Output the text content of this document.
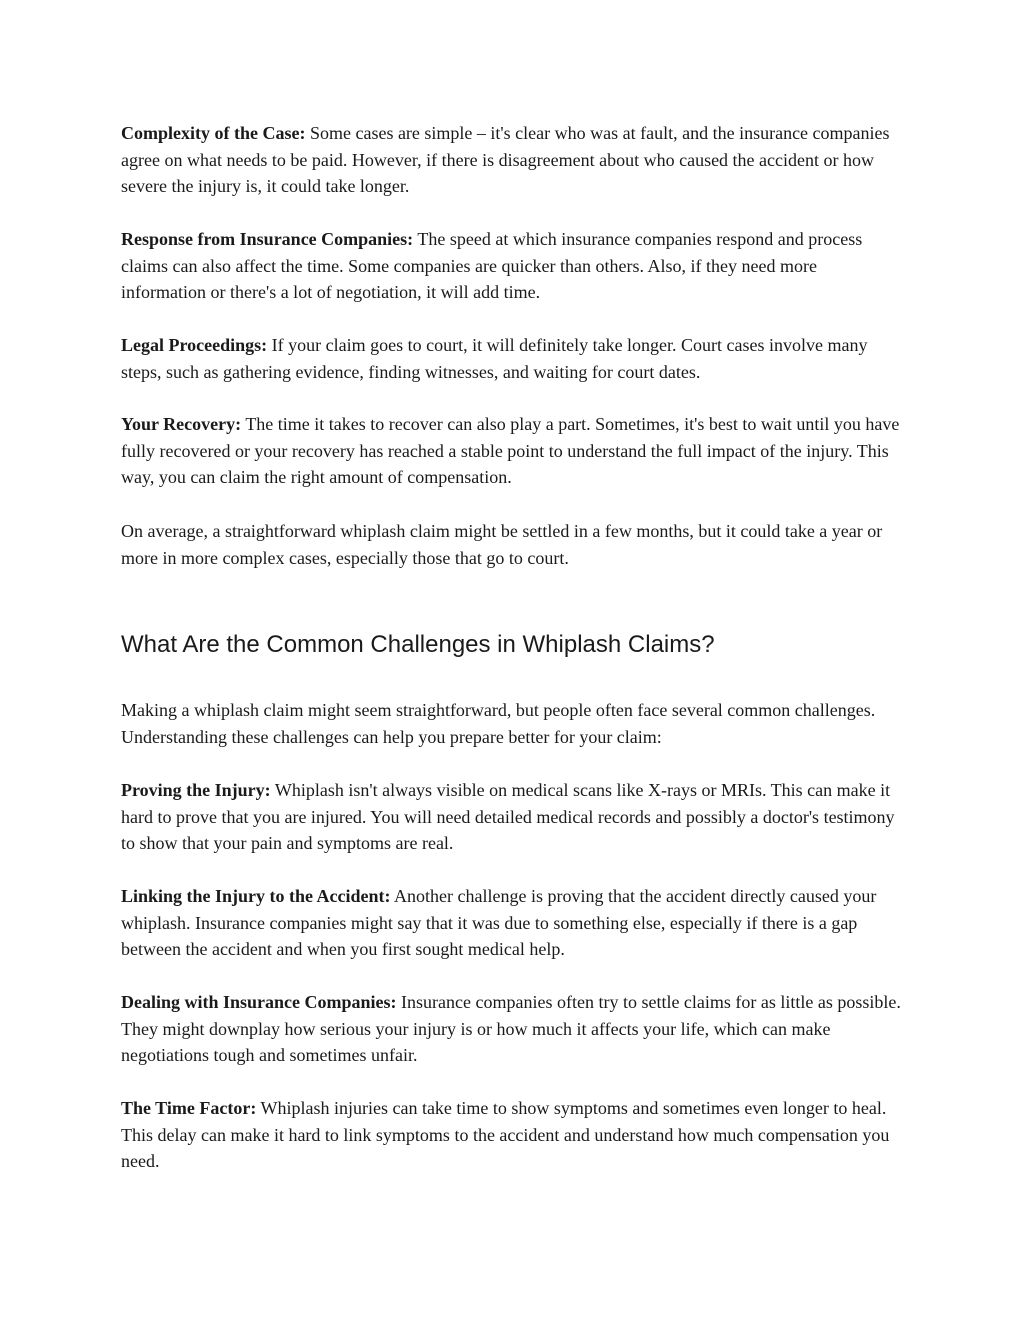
Complexity of the Case: Some cases are simple – it's clear who was at fault, and the insurance companies agree on what needs to be paid. However, if there is disagreement about who caused the accident or how severe the injury is, it could take longer.

Response from Insurance Companies: The speed at which insurance companies respond and process claims can also affect the time. Some companies are quicker than others. Also, if they need more information or there's a lot of negotiation, it will add time.

Legal Proceedings: If your claim goes to court, it will definitely take longer. Court cases involve many steps, such as gathering evidence, finding witnesses, and waiting for court dates.

Your Recovery: The time it takes to recover can also play a part. Sometimes, it's best to wait until you have fully recovered or your recovery has reached a stable point to understand the full impact of the injury. This way, you can claim the right amount of compensation.

On average, a straightforward whiplash claim might be settled in a few months, but it could take a year or more in more complex cases, especially those that go to court.

What Are the Common Challenges in Whiplash Claims?

Making a whiplash claim might seem straightforward, but people often face several common challenges. Understanding these challenges can help you prepare better for your claim:

Proving the Injury: Whiplash isn't always visible on medical scans like X-rays or MRIs. This can make it hard to prove that you are injured. You will need detailed medical records and possibly a doctor's testimony to show that your pain and symptoms are real.

Linking the Injury to the Accident: Another challenge is proving that the accident directly caused your whiplash. Insurance companies might say that it was due to something else, especially if there is a gap between the accident and when you first sought medical help.

Dealing with Insurance Companies: Insurance companies often try to settle claims for as little as possible. They might downplay how serious your injury is or how much it affects your life, which can make negotiations tough and sometimes unfair.

The Time Factor: Whiplash injuries can take time to show symptoms and sometimes even longer to heal. This delay can make it hard to link symptoms to the accident and understand how much compensation you need.
